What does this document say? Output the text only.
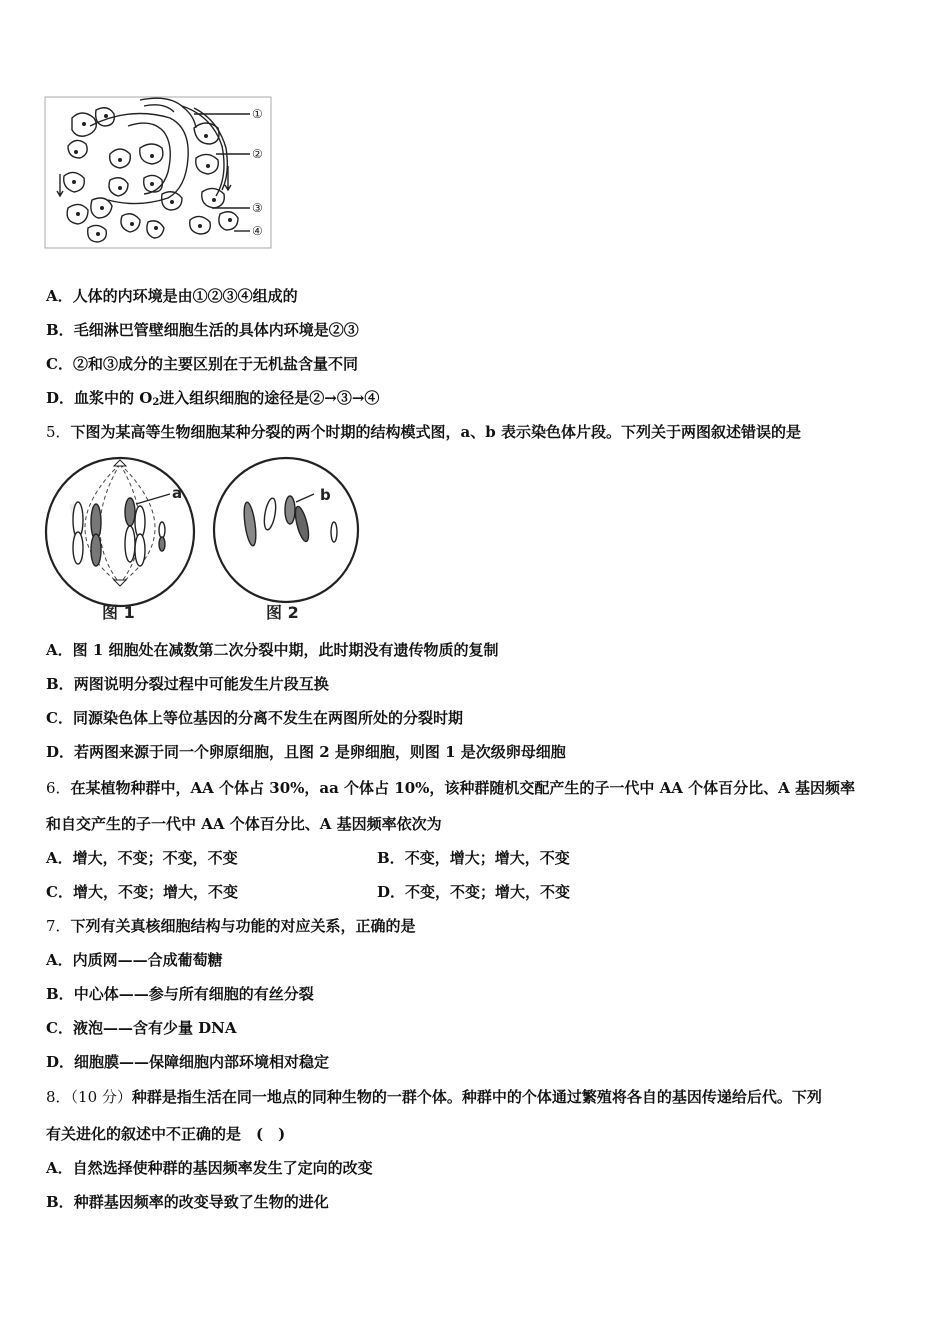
①
②
③
④
A．人体的内环境是由①②③④组成的
B．毛细淋巴管壁细胞生活的具体内环境是②③
C．②和③成分的主要区别在于无机盐含量不同
D．血浆中的 $O_2$进入组织细胞的途径是②→③→④
5．下图为某高等生物细胞某种分裂的两个时期的结构模式图，a、b 表示染色体片段。下列关于两图叙述错误的是
a
图 1
b
图 2
A．图 1 细胞处在减数第二次分裂中期，此时期没有遗传物质的复制
B．两图说明分裂过程中可能发生片段互换
C．同源染色体上等位基因的分离不发生在两图所处的分裂时期
D．若两图来源于同一个卵原细胞，且图 2 是卵细胞，则图 1 是次级卵母细胞
6．在某植物种群中，AA 个体占 30%，aa 个体占 10%，该种群随机交配产生的子一代中 AA 个体百分比、A 基因频率
和自交产生的子一代中 AA 个体百分比、A 基因频率依次为
A．增大，不变；不变，不变	B．不变，增大；增大，不变
C．增大，不变；增大，不变	D．不变，不变；增大，不变
7．下列有关真核细胞结构与功能的对应关系，正确的是
A．内质网——合成葡萄糖
B．中心体——参与所有细胞的有丝分裂
C．液泡——含有少量 DNA
D．细胞膜——保障细胞内部环境相对稳定
8．（10 分）种群是指生活在同一地点的同种生物的一群个体。种群中的个体通过繁殖将各自的基因传递给后代。下列
有关进化的叙述中不正确的是　(　)
A．自然选择使种群的基因频率发生了定向的改变
B．种群基因频率的改变导致了生物的进化
